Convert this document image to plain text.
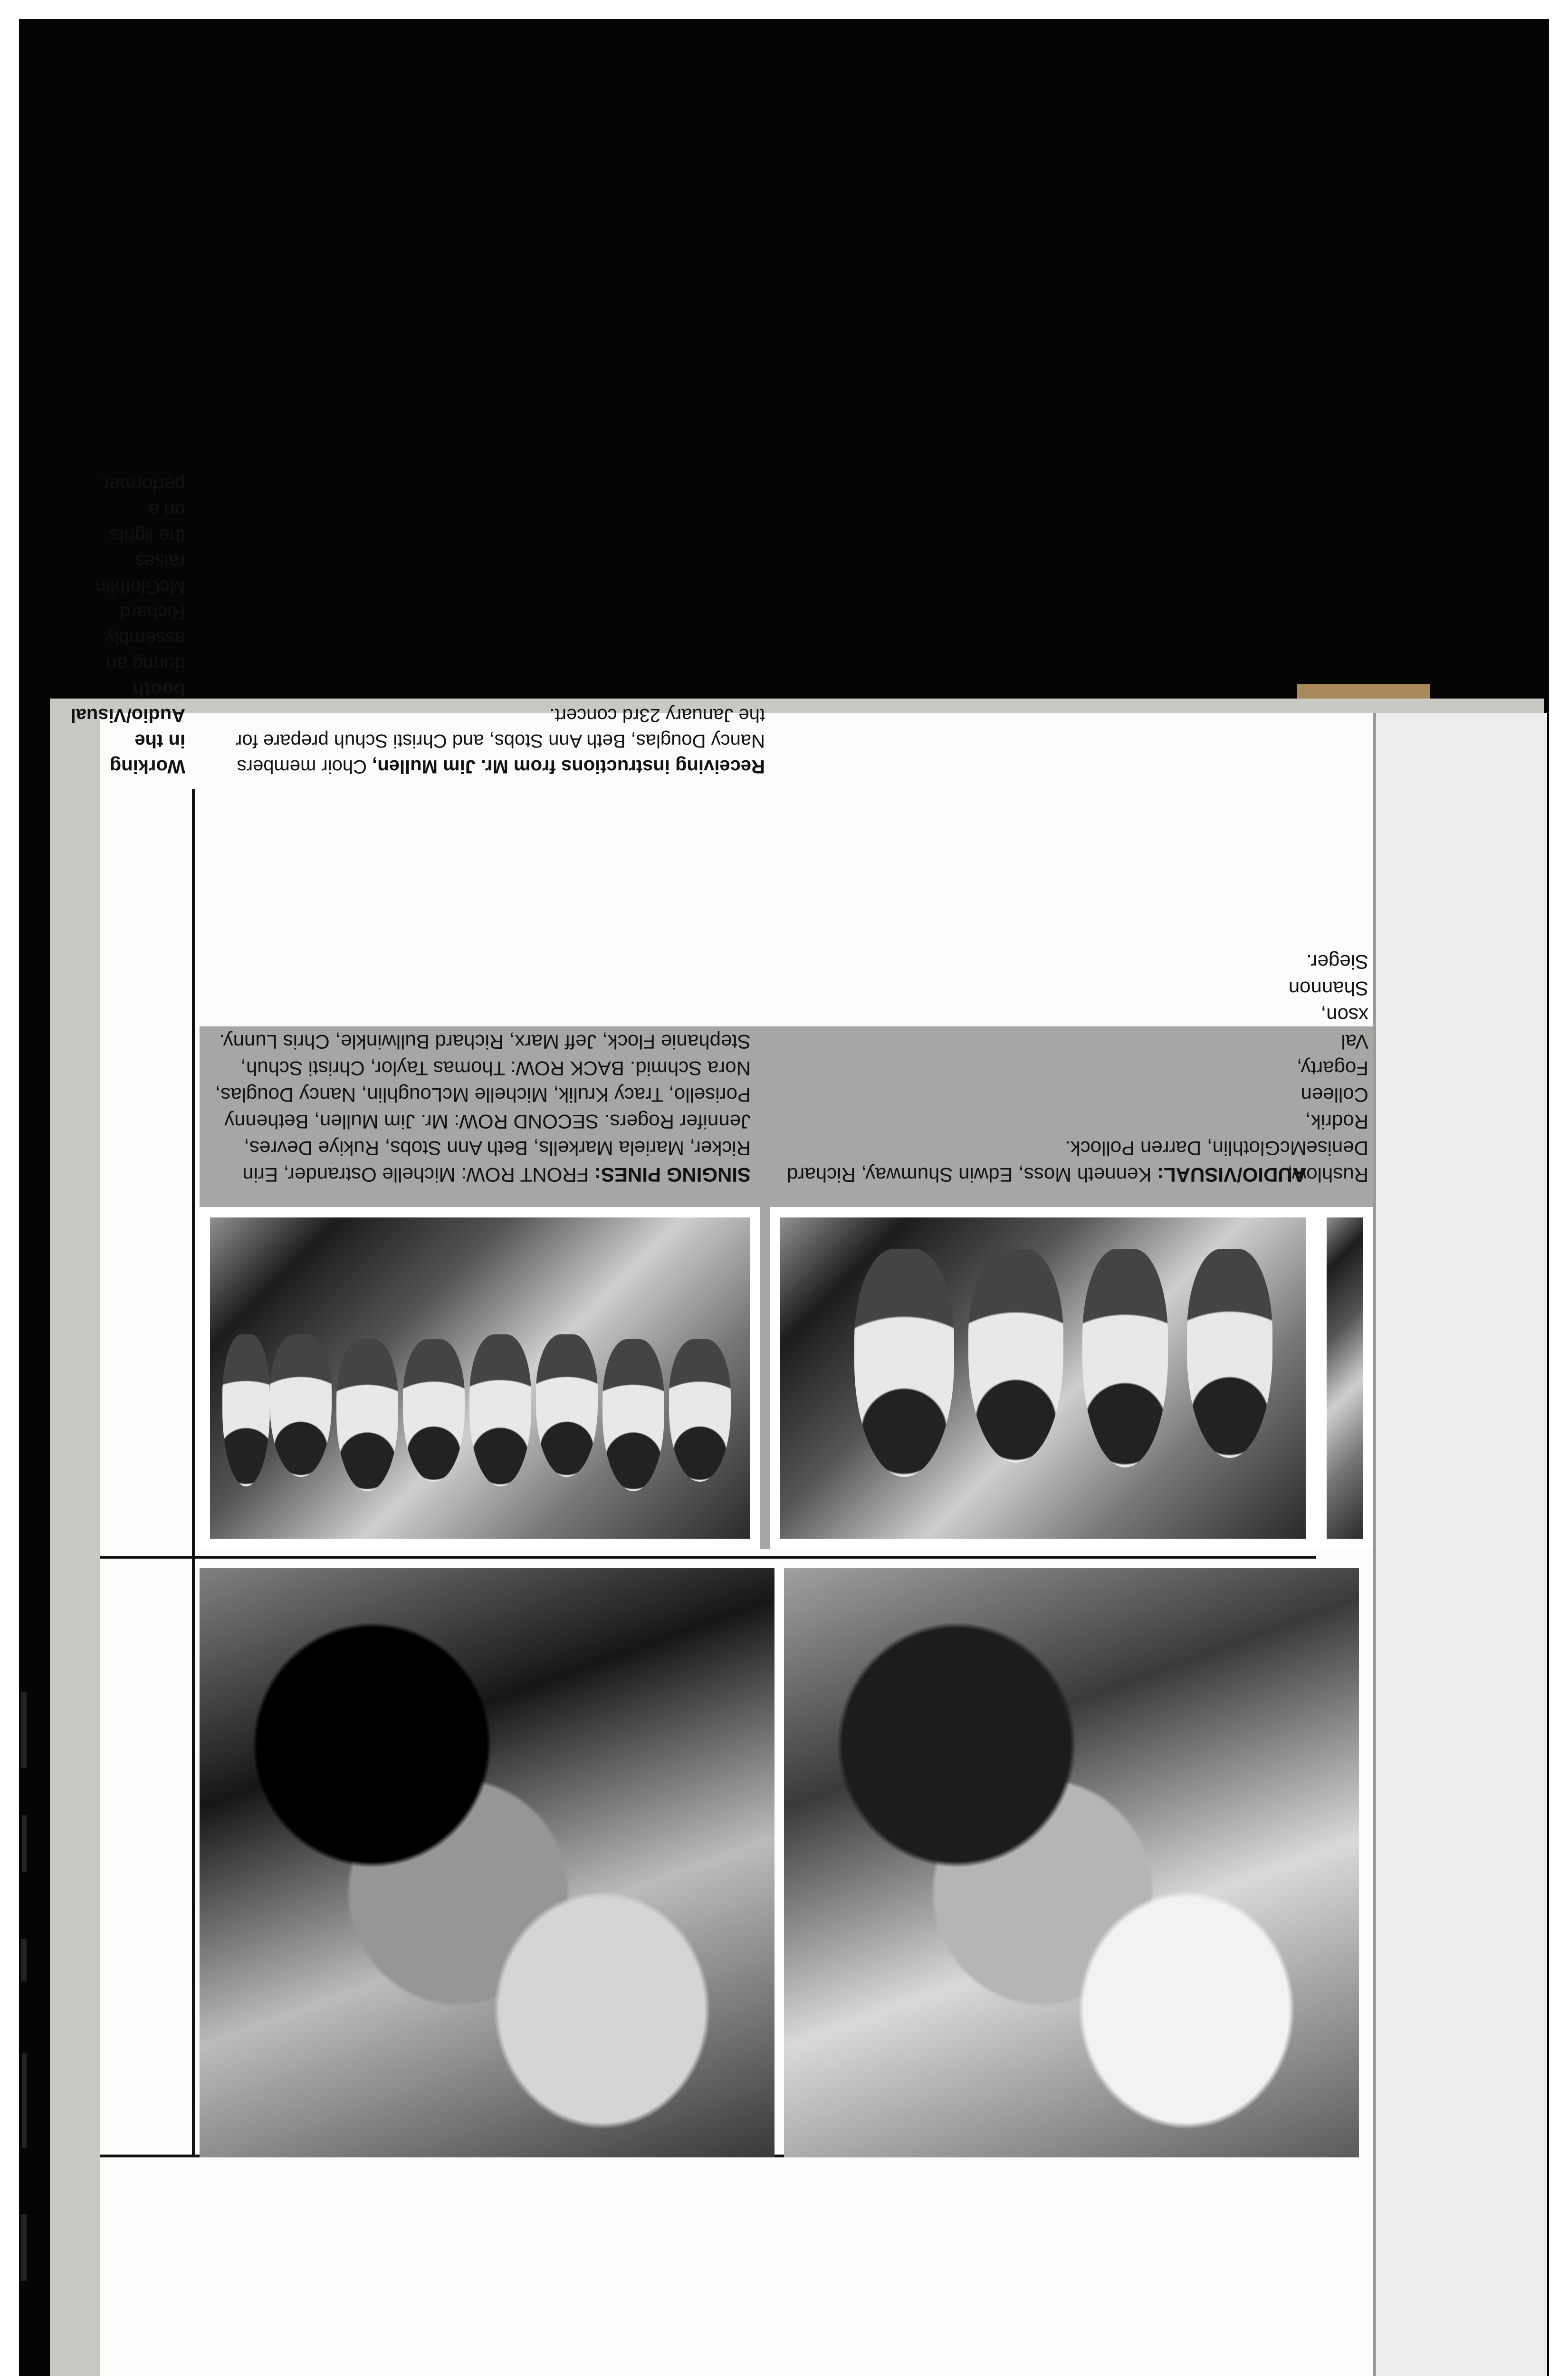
Rushlow, Denise Rodrik, Colleen Fogarty, Val xson, Shannon Sieger.

AUDIO/VISUAL: Kenneth Moss, Edwin Shumway, Richard McGlothlin, Darren Pollock.

SINGING PINES: FRONT ROW: Michelle Ostrander, Erin Ricker, Mariela Markells, Beth Ann Stobs, Rukiye Devres, Jennifer Rogers. SECOND ROW: Mr. Jim Mullen, Bethenny Porisello, Tracy Krulik, Michelle McLoughlin, Nancy Douglas, Nora Schmid. BACK ROW: Thomas Taylor, Christi Schuh, Stephanie Flock, Jeff Marx, Richard Bullwinkle, Chris Lunny.

Receiving instructions from Mr. Jim Mullen, Choir members Nancy Douglas, Beth Ann Stobs, and Christi Schuh prepare for the January 23rd concert.

Working in the Audio/Visual booth during an assembly, Richard McGlothlin raises the lights on a performer.
